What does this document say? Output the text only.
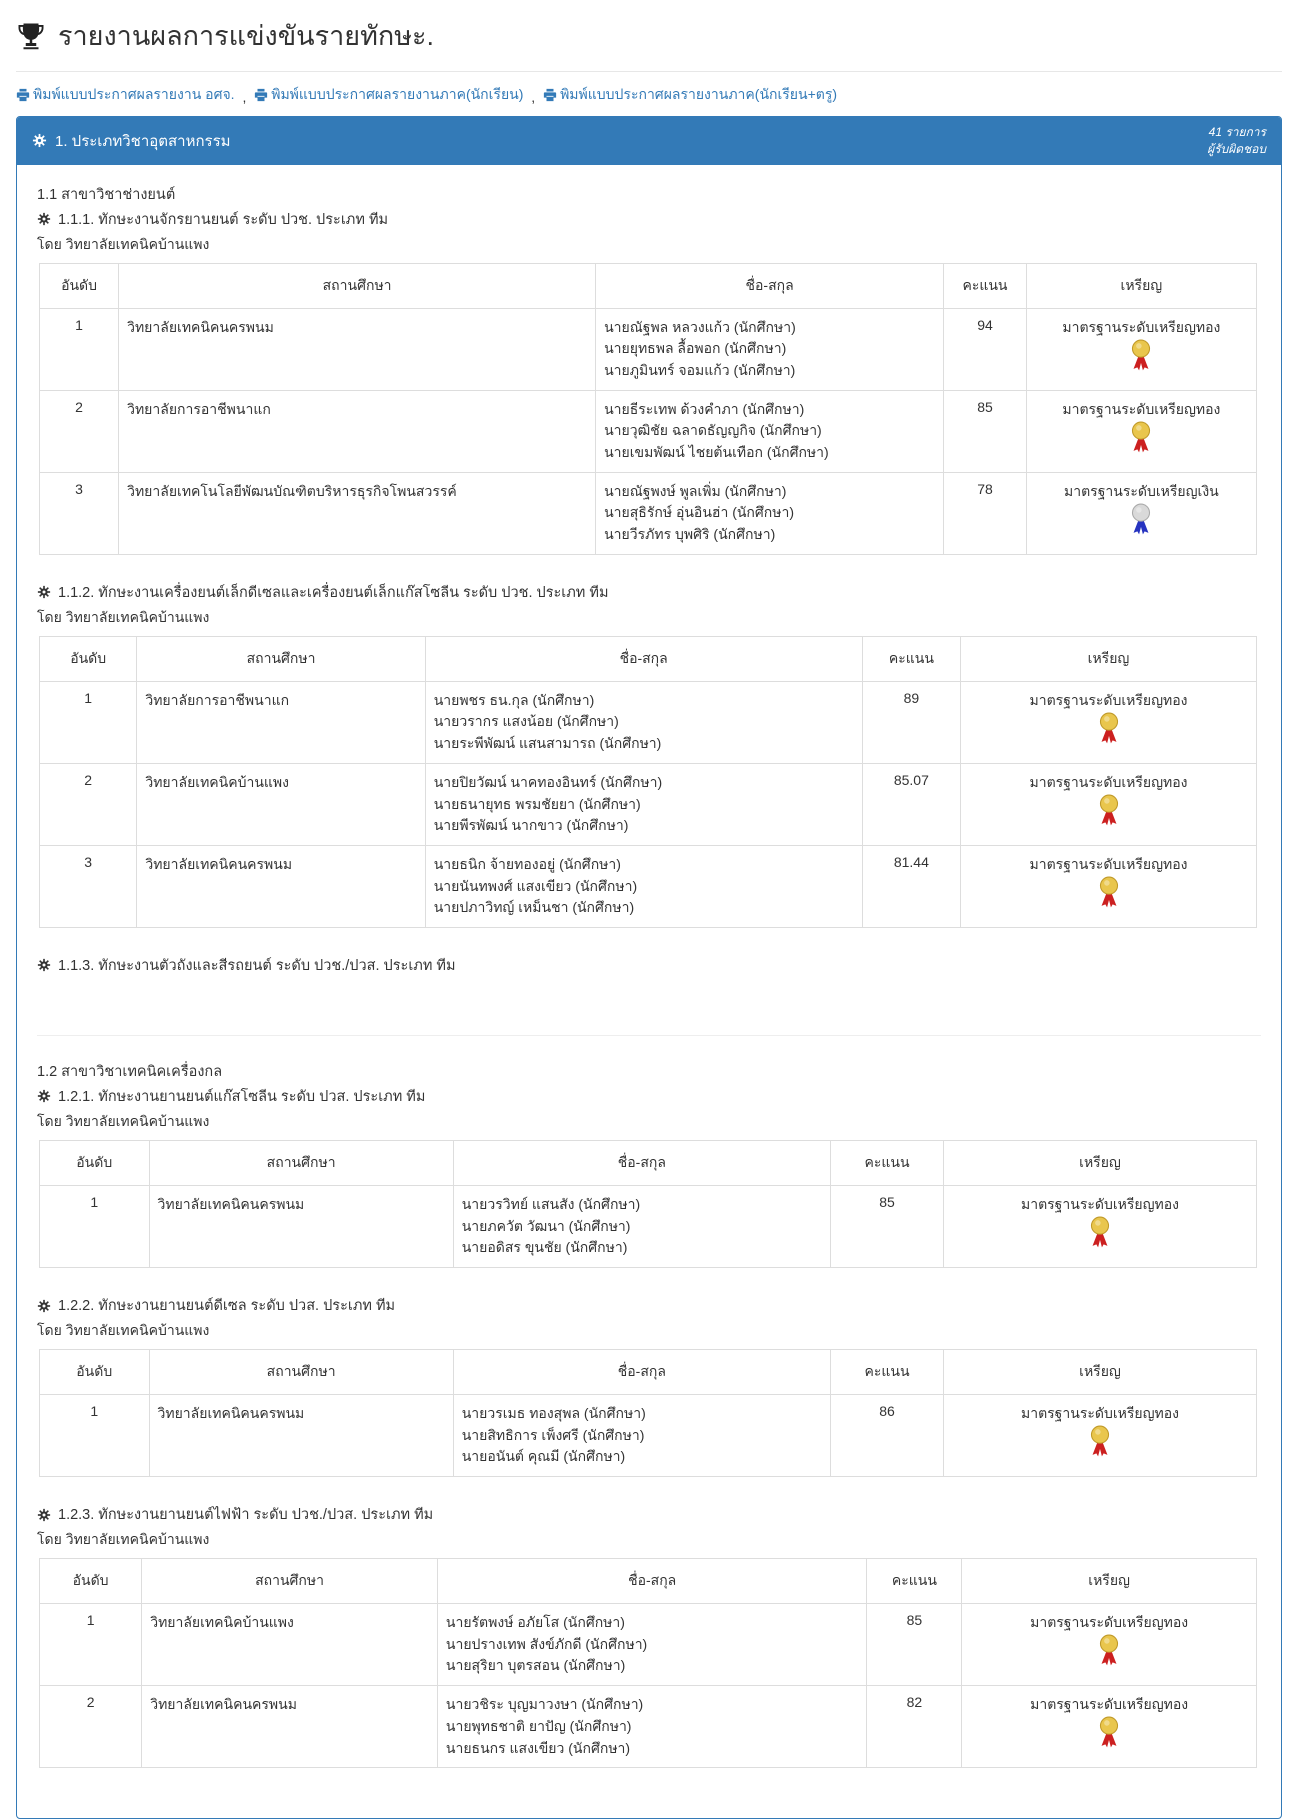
รายงานผลการแข่งขันรายทักษะ.
พิมพ์แบบประกาศผลรายงาน อศจ. , พิมพ์แบบประกาศผลรายงานภาค(นักเรียน) , พิมพ์แบบประกาศผลรายงานภาค(นักเรียน+ตรู)
1. ประเภทวิชาอุตสาหกรรม
41 รายการ
ผู้รับผิดชอบ
1.1 สาขาวิชาช่างยนต์
1.1.1. ทักษะงานจักรยานยนต์ ระดับ ปวช. ประเภท ทีม
โดย วิทยาลัยเทคนิคบ้านแพง
อันดับ	สถานศึกษา	ชื่อ-สกุล	คะแนน	เหรียญ
1	วิทยาลัยเทคนิคนครพนม	นายณัฐพล หลวงแก้ว (นักศึกษา)
นายยุทธพล ลื้อพอก (นักศึกษา)
นายภูมินทร์ จอมแก้ว (นักศึกษา)	94	มาตรฐานระดับเหรียญทอง

2	วิทยาลัยการอาชีพนาแก	นายธีระเทพ ด้วงคำภา (นักศึกษา)
นายวุฒิชัย ฉลาดธัญญกิจ (นักศึกษา)
นายเขมพัฒน์ ไชยต้นเทือก (นักศึกษา)	85	มาตรฐานระดับเหรียญทอง

3	วิทยาลัยเทคโนโลยีพัฒนบัณฑิตบริหารธุรกิจโพนสวรรค์	นายณัฐพงษ์ พูลเพิ่ม (นักศึกษา)
นายสุธิรักษ์ อุ่นอินฮ่า (นักศึกษา)
นายวีรภัทร บุพศิริ (นักศึกษา)	78	มาตรฐานระดับเหรียญเงิน
1.1.2. ทักษะงานเครื่องยนต์เล็กดีเซลและเครื่องยนต์เล็กแก๊สโซลีน ระดับ ปวช. ประเภท ทีม
โดย วิทยาลัยเทคนิคบ้านแพง
อันดับ	สถานศึกษา	ชื่อ-สกุล	คะแนน	เหรียญ
1	วิทยาลัยการอาชีพนาแก	นายพชร ธน.กุล (นักศึกษา)
นายวรากร แสงน้อย (นักศึกษา)
นายระพีพัฒน์ แสนสามารถ (นักศึกษา)	89	มาตรฐานระดับเหรียญทอง

2	วิทยาลัยเทคนิคบ้านแพง	นายปิยวัฒน์ นาคทองอินทร์ (นักศึกษา)
นายธนายุทธ พรมชัยยา (นักศึกษา)
นายพีรพัฒน์ นากขาว (นักศึกษา)	85.07	มาตรฐานระดับเหรียญทอง

3	วิทยาลัยเทคนิคนครพนม	นายธนิก จ้ายทองอยู่ (นักศึกษา)
นายนันทพงศ์ แสงเขียว (นักศึกษา)
นายปภาวิทญ์ เหม็นชา (นักศึกษา)	81.44	มาตรฐานระดับเหรียญทอง
1.1.3. ทักษะงานตัวถังและสีรถยนต์ ระดับ ปวช./ปวส. ประเภท ทีม
1.2 สาขาวิชาเทคนิคเครื่องกล
1.2.1. ทักษะงานยานยนต์แก๊สโซลีน ระดับ ปวส. ประเภท ทีม
โดย วิทยาลัยเทคนิคบ้านแพง
อันดับ	สถานศึกษา	ชื่อ-สกุล	คะแนน	เหรียญ
1	วิทยาลัยเทคนิคนครพนม	นายวรวิทย์ แสนสัง (นักศึกษา)
นายภควัต วัฒนา (นักศึกษา)
นายอดิสร ขุนชัย (นักศึกษา)	85	มาตรฐานระดับเหรียญทอง
1.2.2. ทักษะงานยานยนต์ดีเซล ระดับ ปวส. ประเภท ทีม
โดย วิทยาลัยเทคนิคบ้านแพง
อันดับ	สถานศึกษา	ชื่อ-สกุล	คะแนน	เหรียญ
1	วิทยาลัยเทคนิคนครพนม	นายวรเมธ ทองสุพล (นักศึกษา)
นายสิทธิการ เพ็งศรี (นักศึกษา)
นายอนันต์ คุณมี (นักศึกษา)	86	มาตรฐานระดับเหรียญทอง
1.2.3. ทักษะงานยานยนต์ไฟฟ้า ระดับ ปวช./ปวส. ประเภท ทีม
โดย วิทยาลัยเทคนิคบ้านแพง
อันดับ	สถานศึกษา	ชื่อ-สกุล	คะแนน	เหรียญ
1	วิทยาลัยเทคนิคบ้านแพง	นายรัตพงษ์ อภัยโส (นักศึกษา)
นายปรางเทพ สังข์ภักดี (นักศึกษา)
นายสุริยา บุตรสอน (นักศึกษา)	85	มาตรฐานระดับเหรียญทอง

2	วิทยาลัยเทคนิคนครพนม	นายวชิระ บุญมาวงษา (นักศึกษา)
นายพุทธชาติ ยาปัญ (นักศึกษา)
นายธนกร แสงเขียว (นักศึกษา)	82	มาตรฐานระดับเหรียญทอง
